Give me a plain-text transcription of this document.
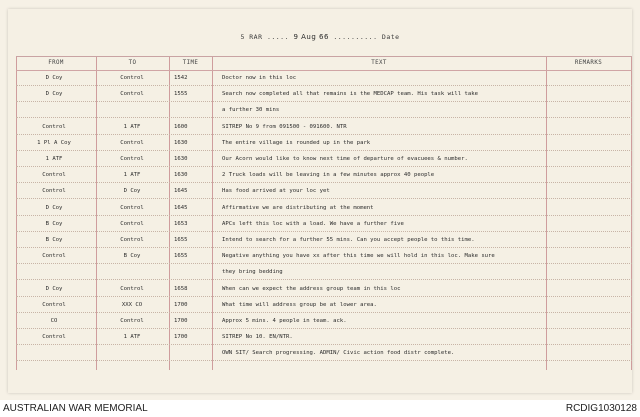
5 RAR ..... 9 Aug 66 .......... Date
FROM	TO	TIME	TEXT	REMARKS
D Coy	Control	1542	Doctor now in this loc
D Coy	Control	1555	Search now completed all that remains is the MEDCAP team. His task will take
a further 30 mins
Control	1 ATF	1600	SITREP No 9 from 091500 - 091600. NTR
1 Pl A Coy	Control	1630	The entire village is rounded up in the park
1 ATF	Control	1630	Our Acorn would like to know next time of departure of evacuees & number.
Control	1 ATF	1630	2 Truck loads will be leaving in a few minutes approx 40 people
Control	D Coy	1645	Has food arrived at your loc yet
D Coy	Control	1645	Affirmative we are distributing at the moment
B Coy	Control	1653	APCs left this loc with a load. We have a further five
B Coy	Control	1655	Intend to search for a further 55 mins. Can you accept people to this time.
Control	B Coy	1655	Negative anything you have xx after this time we will hold in this loc. Make sure
they bring bedding
D Coy	Control	1658	When can we expect the address group team in this loc
Control	XXX CO	1700	What time will address group be at lower area.
CO	Control	1700	Approx 5 mins. 4 people in team. ack.
Control	1 ATF	1700	SITREP No 10. EN/NTR.
OWN SIT/ Search progressing. ADMIN/ Civic action food distr complete.
AUSTRALIAN WAR MEMORIAL	RCDIG1030128
